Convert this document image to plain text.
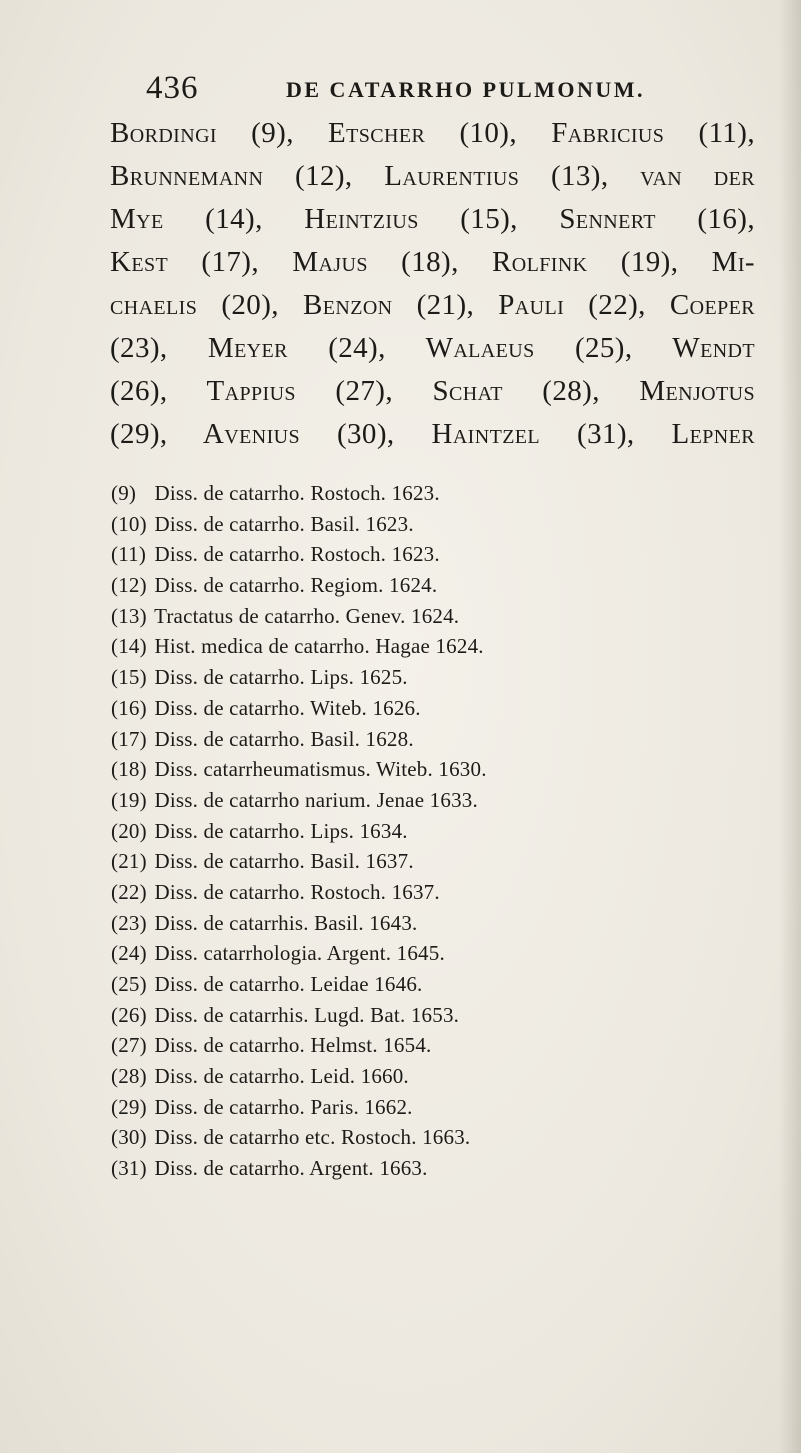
436	DE CATARRHO PULMONUM.
Bordingi (9), Etscher (10), Fabricius (11),
Brunnemann (12), Laurentius (13), van der
Mye (14), Heintzius (15), Sennert (16),
Kest (17), Majus (18), Rolfink (19), Mi-
chaelis (20), Benzon (21), Pauli (22), Coeper
(23), Meyer (24), Walaeus (25), Wendt
(26), Tappius (27), Schat (28), Menjotus
(29), Avenius (30), Haintzel (31), Lepner
(9) Diss. de catarrho. Rostoch. 1623.
(10) Diss. de catarrho. Basil. 1623.
(11) Diss. de catarrho. Rostoch. 1623.
(12) Diss. de catarrho. Regiom. 1624.
(13) Tractatus de catarrho. Genev. 1624.
(14) Hist. medica de catarrho. Hagae 1624.
(15) Diss. de catarrho. Lips. 1625.
(16) Diss. de catarrho. Witeb. 1626.
(17) Diss. de catarrho. Basil. 1628.
(18) Diss. catarrheumatismus. Witeb. 1630.
(19) Diss. de catarrho narium. Jenae 1633.
(20) Diss. de catarrho. Lips. 1634.
(21) Diss. de catarrho. Basil. 1637.
(22) Diss. de catarrho. Rostoch. 1637.
(23) Diss. de catarrhis. Basil. 1643.
(24) Diss. catarrhologia. Argent. 1645.
(25) Diss. de catarrho. Leidae 1646.
(26) Diss. de catarrhis. Lugd. Bat. 1653.
(27) Diss. de catarrho. Helmst. 1654.
(28) Diss. de catarrho. Leid. 1660.
(29) Diss. de catarrho. Paris. 1662.
(30) Diss. de catarrho etc. Rostoch. 1663.
(31) Diss. de catarrho. Argent. 1663.
